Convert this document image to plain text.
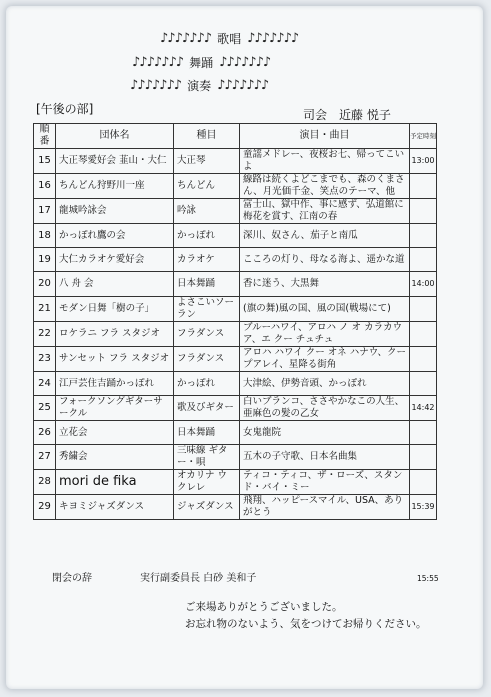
♪♪♪♪♪♪♪ 歌唱 ♪♪♪♪♪♪♪
♪♪♪♪♪♪♪ 舞踊 ♪♪♪♪♪♪♪
♪♪♪♪♪♪♪ 演奏 ♪♪♪♪♪♪♪
[午後の部]	司会　近藤 悦子
順番	団体名	種目	演目・曲目	予定時刻
15	大正琴愛好会 韮山・大仁	大正琴	童謡メドレー、夜桜お七、帰ってこいよ	13:00
16	ちんどん狩野川一座	ちんどん	線路は続くよどこまでも、森のくまさん、月光価千金、笑点のテーマ、他	
17	龍城吟詠会	吟詠	富士山、獄中作、事に感ず、弘道館に梅花を賞す、江南の春	
18	かっぽれ鷹の会	かっぽれ	深川、奴さん、茄子と南瓜	
19	大仁カラオケ愛好会	カラオケ	こころの灯り、母なる海よ、遥かな道	
20	八 舟 会	日本舞踊	香に迷う、大黒舞	14:00
21	モダン日舞「樹の子」	よさこいソーラン	(旗の舞)風の国、風の国(戦場にて)	
22	ロケラニ フラ スタジオ	フラダンス	ブルーハワイ、アロハ ノ オ カラカウア、エ クー チュチュ	
23	サンセット フラ スタジオ	フラダンス	アロハ ハワイ クー オネ ハナウ、クープアレイ、星降る街角	
24	江戸芸住吉踊かっぽれ	かっぽれ	大津絵、伊勢音頭、かっぽれ	
25	フォークソングギターサークル	歌及びギター	白いブランコ、ささやかなこの人生、亜麻色の髪の乙女	14:42
26	立花会	日本舞踊	女鬼龍院	
27	秀繍会	三味線 ギター・唄	五木の子守歌、日本名曲集	
28	mori de fika	オカリナ ウクレレ	ティコ・ティコ、ザ・ローズ、スタンド・バイ・ミー	
29	キヨミジャズダンス	ジャズダンス	飛翔、ハッピースマイル、USA、ありがとう	15:39
閉会の辞	実行副委員長 白砂 美和子	15:55
ご来場ありがとうございました。
お忘れ物のないよう、気をつけてお帰りください。
